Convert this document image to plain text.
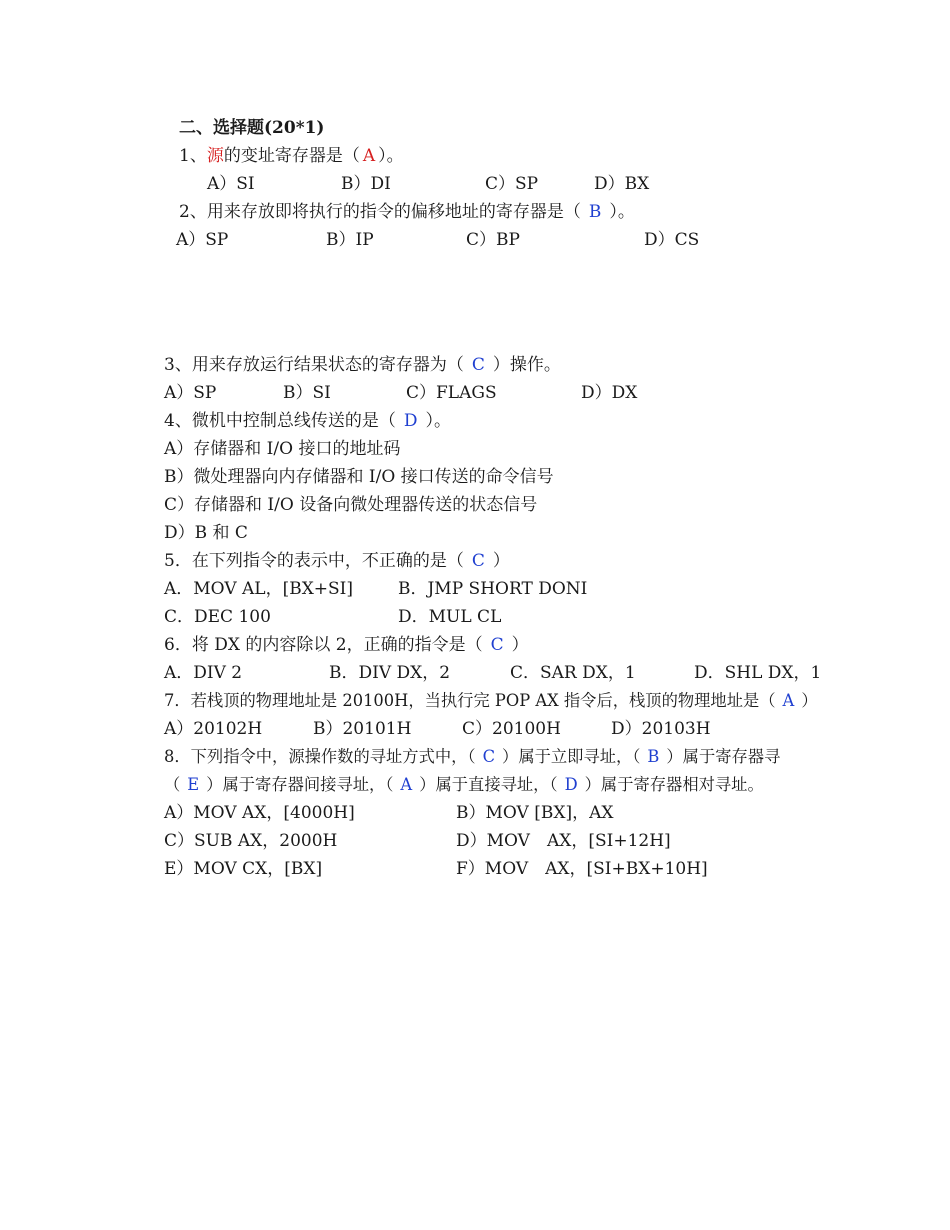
二、选择题(20*1)
1、源的变址寄存器是（ A ）。
A）SI	B）DI	C）SP	D）BX
2、用来存放即将执行的指令的偏移地址的寄存器是（ B ）。
A）SP	B）IP	C）BP	D）CS
3、用来存放运行结果状态的寄存器为（ C ）操作。
A）SP	B）SI	C）FLAGS	D）DX
4、微机中控制总线传送的是（ D ）。
A）存储器和 I/O 接口的地址码
B）微处理器向内存储器和 I/O 接口传送的命令信号
C）存储器和 I/O 设备向微处理器传送的状态信号
D）B 和 C
5．在下列指令的表示中，不正确的是（ C ）
A．MOV AL，[BX+SI]	B．JMP SHORT DONI
C．DEC 100	D．MUL CL
6．将 DX 的内容除以 2，正确的指令是（ C ）
A．DIV 2	B．DIV DX，2	C．SAR DX，1	D．SHL DX，1
7．若栈顶的物理地址是 20100H，当执行完 POP AX 指令后，栈顶的物理地址是（ A ）
A）20102H	B）20101H	C）20100H	D）20103H
8．下列指令中，源操作数的寻址方式中，（ C ）属于立即寻址，（ B ）属于寄存器寻
（ E ）属于寄存器间接寻址，（ A ）属于直接寻址，（ D ）属于寄存器相对寻址。
A）MOV AX，[4000H]	B）MOV [BX]，AX
C）SUB AX，2000H	D）MOV　AX，[SI+12H]
E）MOV CX，[BX]	F）MOV　AX，[SI+BX+10H]
